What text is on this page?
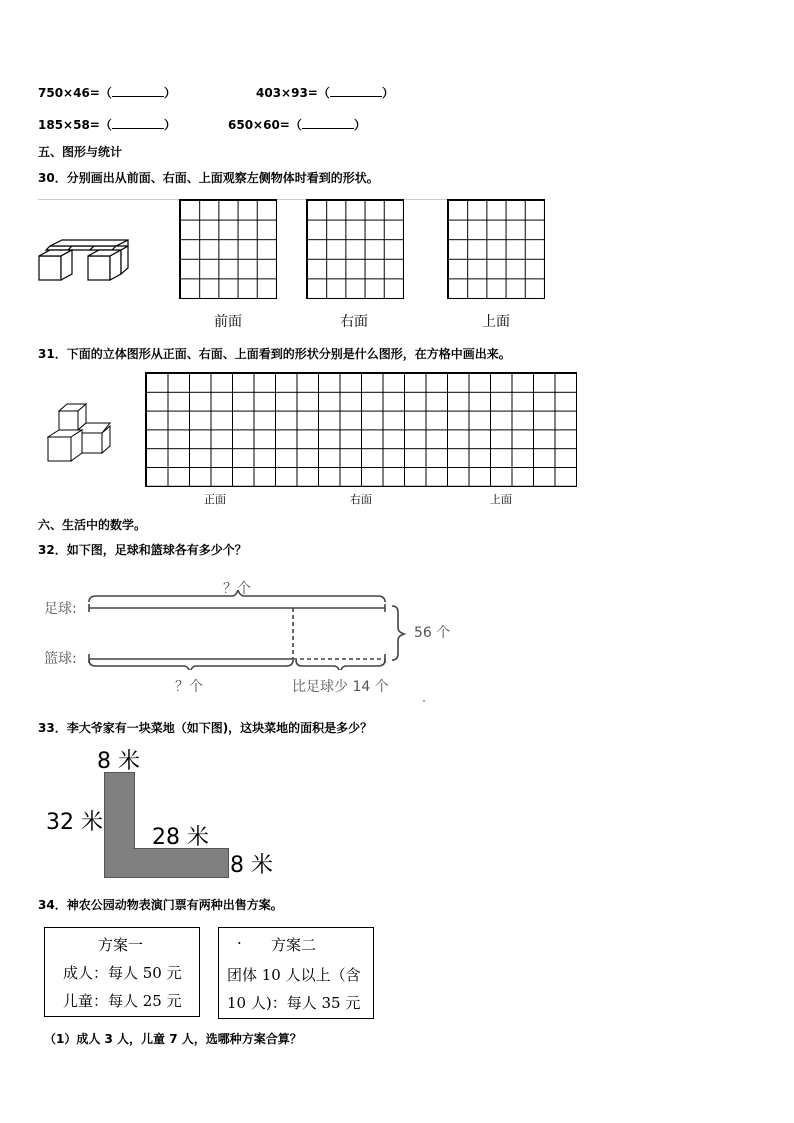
750×46=（	）	403×93=（	）
185×58=（	）	650×60=（	）
五、图形与统计
30．分别画出从前面、右面、上面观察左侧物体时看到的形状。
前面	右面	上面
31．下面的立体图形从正面、右面、上面看到的形状分别是什么图形，在方格中画出来。
正面	右面	上面
六、生活中的数学。
32．如下图，足球和篮球各有多少个？
足球:
篮球:
？个
？个
56 个
比足球少 14 个
33．李大爷家有一块菜地（如下图)，这块菜地的面积是多少？
8 米
32 米
28 米
8 米
34．神农公园动物表演门票有两种出售方案。
方案一
成人：每人 50 元
儿童：每人 25 元
· 方案二
团体 10 人以上（含
10 人)：每人 35 元
（1）成人 3 人，儿童 7 人，选哪种方案合算？
